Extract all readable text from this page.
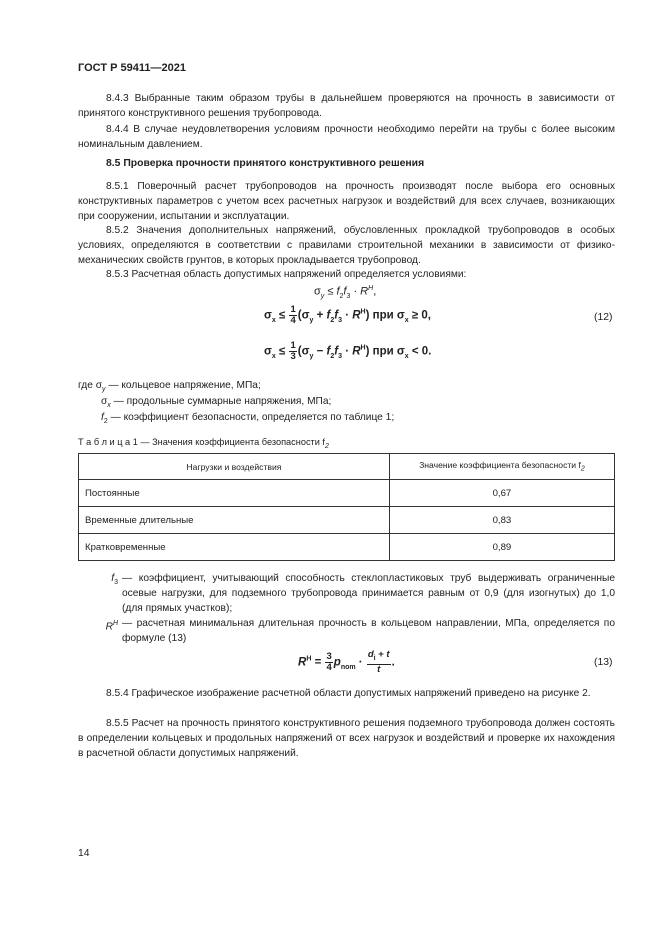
ГОСТ Р 59411—2021
8.4.3 Выбранные таким образом трубы в дальнейшем проверяются на прочность в зависимости от принятого конструктивного решения трубопровода.
8.4.4 В случае неудовлетворения условиям прочности необходимо перейти на трубы с более высоким номинальным давлением.
8.5 Проверка прочности принятого конструктивного решения
8.5.1 Поверочный расчет трубопроводов на прочность производят после выбора его основных конструктивных параметров с учетом всех расчетных нагрузок и воздействий для всех случаев, возникающих при сооружении, испытании и эксплуатации.
8.5.2 Значения дополнительных напряжений, обусловленных прокладкой трубопроводов в особых условиях, определяются в соответствии с правилами строительной механики в зависимости от физико-механических свойств грунтов, в которых прокладывается трубопровод.
8.5.3 Расчетная область допустимых напряжений определяется условиями:
$\sigma_y \le f_2f_3 \cdot R^H$,
$\sigma_x \le \frac{1}{4} (\sigma_y + f_2f_3 \cdot R^H)$ при $\sigma_x \ge 0$,	(12)
$\sigma_x \le \frac{1}{3} (\sigma_y - f_2f_3 \cdot R^H)$ при $\sigma_x < 0$.
где $\sigma_y$ — кольцевое напряжение, МПа;
$\sigma_x$ — продольные суммарные напряжения, МПа;
$f_2$ — коэффициент безопасности, определяется по таблице 1;
Т а б л и ц а 1 — Значения коэффициента безопасности $f_2$
Нагрузки и воздействия	Значение коэффициента безопасности $f_2$
Постоянные	0,67
Временные длительные	0,83
Кратковременные	0,89
$f_3$ — коэффициент, учитывающий способность стеклопластиковых труб выдерживать ограниченные осевые нагрузки, для подземного трубопровода принимается равным от 0,9 (для изогнутых) до 1,0 (для прямых участков);
$R^H$ — расчетная минимальная длительная прочность в кольцевом направлении, МПа, определяется по формуле (13)
$R^H = \frac{3}{4} p_{nom} \cdot \frac{d_i + t}{t}$ .	(13)
8.5.4 Графическое изображение расчетной области допустимых напряжений приведено на рисунке 2.
8.5.5 Расчет на прочность принятого конструктивного решения подземного трубопровода должен состоять в определении кольцевых и продольных напряжений от всех нагрузок и воздействий и проверке их нахождения в расчетной области допустимых напряжений.
14
